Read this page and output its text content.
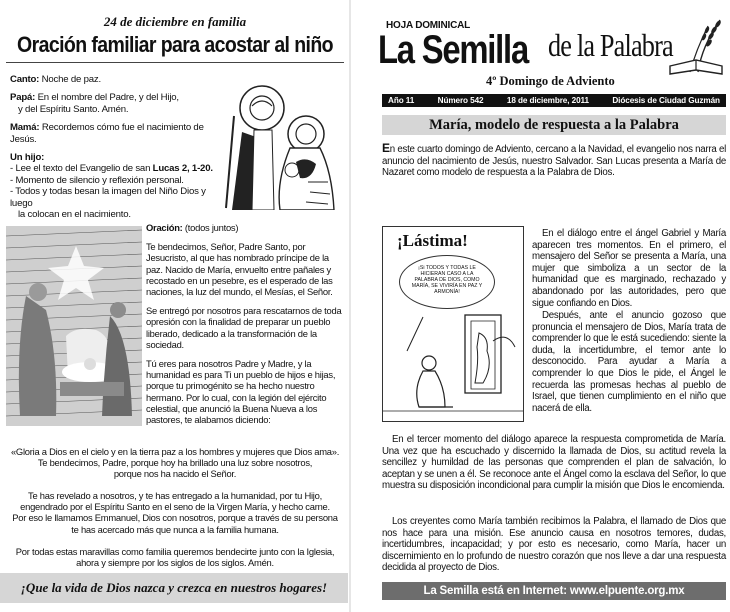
24 de diciembre en familia
Oración familiar para acostar al niño
Canto: Noche de paz.
Papá: En el nombre del Padre, y del Hijo,
y del Espíritu Santo. Amén.
Mamá: Recordemos cómo fue el nacimiento de Jesús.
Un hijo:
- Lee el texto del Evangelio de san Lucas 2, 1-20.
- Momento de silencio y reflexión personal.
- Todos y todas besan la imagen del Niño Dios y luego
la colocan en el nacimiento.

Oración: (todos juntos)

Te bendecimos, Señor, Padre Santo, por Jesucristo, al que has nombrado príncipe de la paz. Nacido de María, envuelto entre pañales y recostado en un pesebre, es el esperado de las naciones, la luz del mundo, el Mesías, el Señor.

Se entregó por nosotros para rescatarnos de toda opresión con la finalidad de preparar un pueblo liberado, dedicado a la transformación de la sociedad.

Tú eres para nosotros Padre y Madre, y la humanidad es para Ti un pueblo de hijos e hijas, porque tu primogénito se ha hecho nuestro hermano. Por lo cual, con la legión del ejército celestial, que anunció la Buena Nueva a los pastores, te alabamos diciendo:

«Gloria a Dios en el cielo y en la tierra paz a los hombres y mujeres que Dios ama».
Te bendecimos, Padre, porque hoy ha brillado una luz sobre nosotros,
porque nos ha nacido el Señor.
Te has revelado a nosotros, y te has entregado a la humanidad, por tu Hijo,
engendrado por el Espíritu Santo en el seno de la Virgen María, y hecho carne.
Por eso le llamamos Emmanuel, Dios con nosotros, porque a través de su persona
te has acercado más que nunca a la familia humana.
Por todas estas maravillas como familia queremos bendecirte junto con la Iglesia,
ahora y siempre por los siglos de los siglos. Amén.
¡Que la vida de Dios nazca y crezca en nuestros hogares!
HOJA DOMINICAL
La Semilla de la Palabra
4º Domingo de Adviento
Año 11	Número 542	18 de diciembre, 2011	Diócesis de Ciudad Guzmán
María, modelo de respuesta a la Palabra
En este cuarto domingo de Adviento, cercano a la Navidad, el evangelio nos narra el anuncio del nacimiento de Jesús, nuestro Salvador. San Lucas presenta a María de Nazaret como modelo de respuesta a la Palabra de Dios.
¡Lástima!
¡Si TODOS Y TODAS LE HICIERAN CASO A LA PALABRA DE DIOS, COMO MARÍA, SE VIVIRÍA EN PAZ Y ARMONÍA!
En el diálogo entre el ángel Gabriel y María aparecen tres momentos. En el primero, el mensajero del Señor se presenta a María, una mujer que simboliza a un sector de la humanidad que es marginado, rechazado y abandonado por las autoridades, pero que sigue confiando en Dios.
Después, ante el anuncio gozoso que pronuncia el mensajero de Dios, María trata de comprender lo que le está sucediendo: siente la duda, la incertidumbre, el temor ante lo desconocido. Para ayudar a María a comprender lo que Dios le pide, el Ángel le recuerda las promesas hechas al pueblo de Israel, que tienen cumplimiento en el niño que nacerá de ella.
En el tercer momento del diálogo aparece la respuesta comprometida de María. Una vez que ha escuchado y discernido la llamada de Dios, su actitud revela la sencillez y humildad de las personas que comprenden el plan de salvación, lo aceptan y se unen a él. Se reconoce ante el Ángel como la esclava del Señor, lo que muestra su disposición incondicional para cumplir la misión que Dios le encomienda.
Los creyentes como María también recibimos la Palabra, el llamado de Dios que nos hace para una misión. Ese anuncio causa en nosotros temores, dudas, incertidumbres, incapacidad; y por esto es necesario, como María, hacer un discernimiento en lo profundo de nuestro corazón que nos lleve a dar una respuesta decidida al proyecto de Dios.
La Semilla está en Internet: www.elpuente.org.mx
